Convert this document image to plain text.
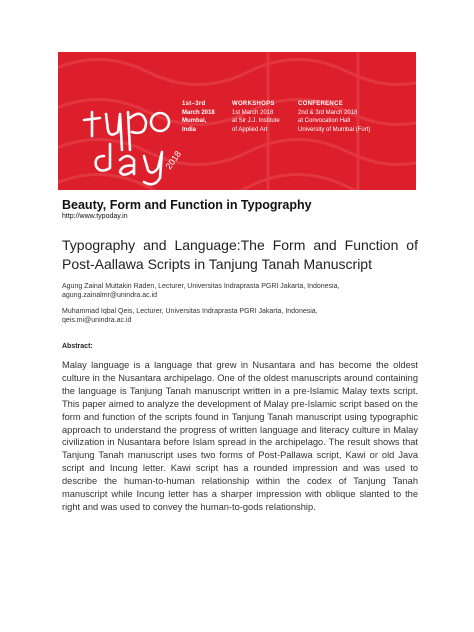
2018
1st–3rd
March 2018
Mumbai,
India
WORKSHOPS
1st March 2018
at Sir J.J. Institute
of Applied Art
CONFERENCE
2nd & 3rd March 2018
at Convocation Hall
University of Mumbai (Fort)
Beauty, Form and Function in Typography
http://www.typoday.in
Typography and Language:The Form and Function of Post-Aallawa Scripts in Tanjung Tanah Manuscript
Agung Zainal Muttakin Raden, Lecturer, Universitas Indraprasta PGRI Jakarta, Indonesia,
agung.zainalmr@unindra.ac.id
Muhammad Iqbal Qeis, Lecturer, Universitas Indraprasta PGRI Jakarta, Indonesia,
qeis.mi@unindra.ac.id
Abstract:

Malay language is a language that grew in Nusantara and has become the oldest culture in the Nusantara archipelago. One of the oldest manuscripts around containing the language is Tanjung Tanah manuscript written in a pre-Islamic Malay texts script. This paper aimed to analyze the development of Malay pre-Islamic script based on the form and function of the scripts found in Tanjung Tanah manuscript using typographic approach to understand the progress of written language and literacy culture in Malay civilization in Nusantara before Islam spread in the archipelago. The result shows that Tanjung Tanah manuscript uses two forms of Post-Pallawa script, Kawi or old Java script and Incung letter. Kawi script has a rounded impression and was used to describe the human-to-human relationship within the codex of Tanjung Tanah manuscript while Incung letter has a sharper impression with oblique slanted to the right and was used to convey the human-to-gods relationship.
